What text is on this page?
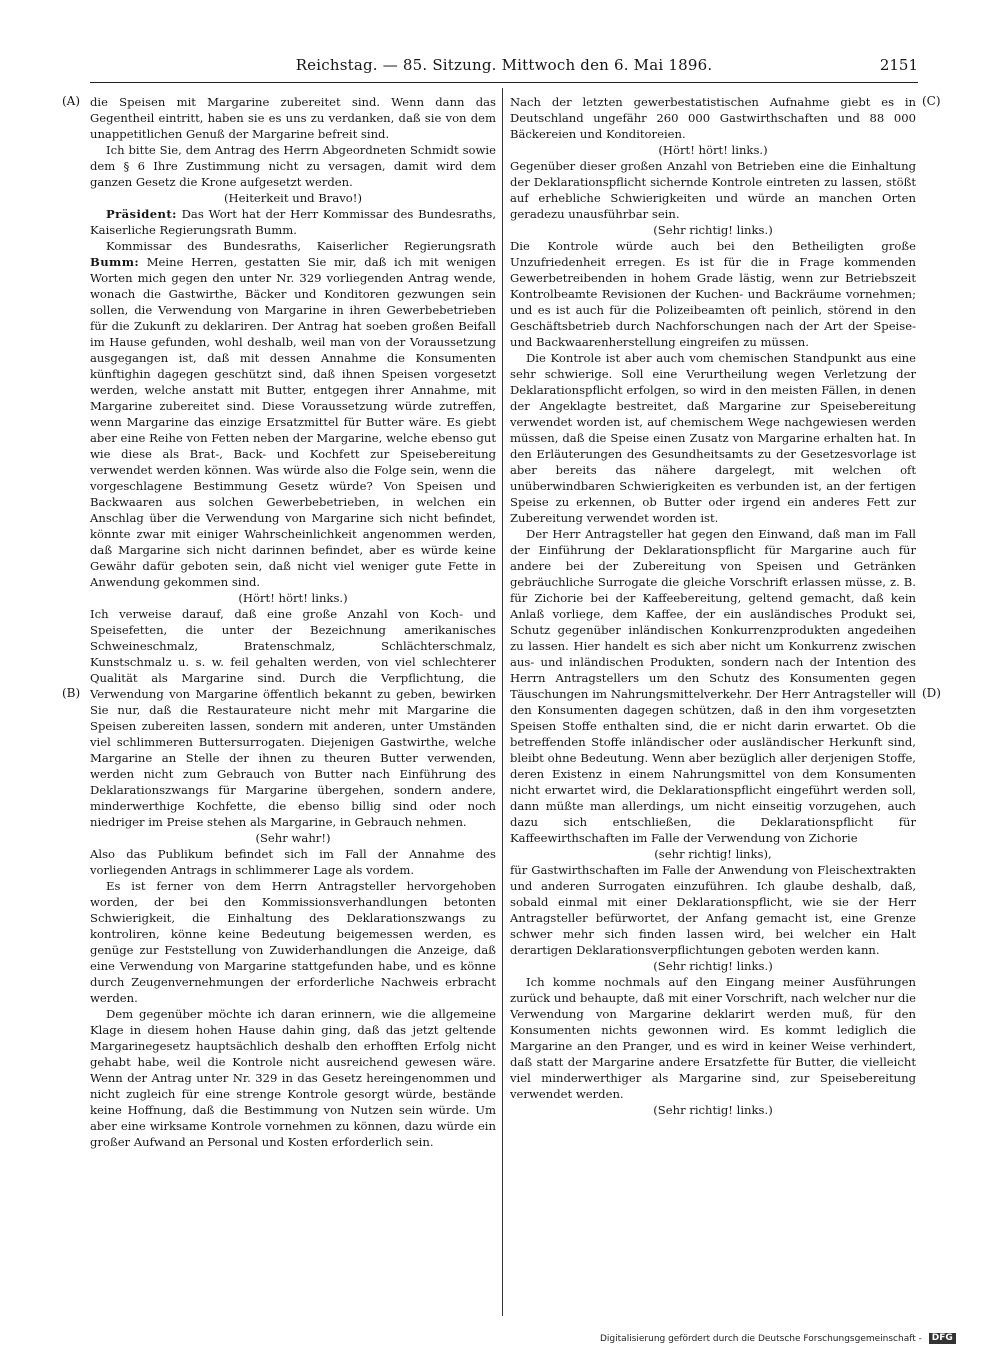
Reichstag. — 85. Sitzung. Mittwoch den 6. Mai 1896.	2151
(A)
(B)
(C)
(D)

die Speisen mit Margarine zubereitet sind. Wenn dann das Gegentheil eintritt, haben sie es uns zu verdanken, daß sie von dem unappetitlichen Genuß der Margarine befreit sind.

Ich bitte Sie, dem Antrag des Herrn Abgeordneten Schmidt sowie dem § 6 Ihre Zustimmung nicht zu versagen, damit wird dem ganzen Gesetz die Krone aufgesetzt werden.

(Heiterkeit und Bravo!)

Präsident: Das Wort hat der Herr Kommissar des Bundesraths, Kaiserliche Regierungsrath Bumm.

Kommissar des Bundesraths, Kaiserlicher Regierungsrath Bumm: Meine Herren, gestatten Sie mir, daß ich mit wenigen Worten mich gegen den unter Nr. 329 vorliegenden Antrag wende, wonach die Gastwirthe, Bäcker und Konditoren gezwungen sein sollen, die Verwendung von Margarine in ihren Gewerbebetrieben für die Zukunft zu deklariren. Der Antrag hat soeben großen Beifall im Hause gefunden, wohl deshalb, weil man von der Voraussetzung ausgegangen ist, daß mit dessen Annahme die Konsumenten künftighin dagegen geschützt sind, daß ihnen Speisen vorgesetzt werden, welche anstatt mit Butter, entgegen ihrer Annahme, mit Margarine zubereitet sind. Diese Voraussetzung würde zutreffen, wenn Margarine das einzige Ersatzmittel für Butter wäre. Es giebt aber eine Reihe von Fetten neben der Margarine, welche ebenso gut wie diese als Brat-, Back- und Kochfett zur Speisebereitung verwendet werden können. Was würde also die Folge sein, wenn die vorgeschlagene Bestimmung Gesetz würde? Von Speisen und Backwaaren aus solchen Gewerbebetrieben, in welchen ein Anschlag über die Verwendung von Margarine sich nicht befindet, könnte zwar mit einiger Wahrscheinlichkeit angenommen werden, daß Margarine sich nicht darinnen befindet, aber es würde keine Gewähr dafür geboten sein, daß nicht viel weniger gute Fette in Anwendung gekommen sind.

(Hört! hört! links.)

Ich verweise darauf, daß eine große Anzahl von Koch- und Speisefetten, die unter der Bezeichnung amerikanisches Schweineschmalz, Bratenschmalz, Schlächterschmalz, Kunstschmalz u. s. w. feil gehalten werden, von viel schlechterer Qualität als Margarine sind. Durch die Verpflichtung, die Verwendung von Margarine öffentlich bekannt zu geben, bewirken Sie nur, daß die Restaurateure nicht mehr mit Margarine die Speisen zubereiten lassen, sondern mit anderen, unter Umständen viel schlimmeren Buttersurrogaten. Diejenigen Gastwirthe, welche Margarine an Stelle der ihnen zu theuren Butter verwenden, werden nicht zum Gebrauch von Butter nach Einführung des Deklarationszwangs für Margarine übergehen, sondern andere, minderwerthige Kochfette, die ebenso billig sind oder noch niedriger im Preise stehen als Margarine, in Gebrauch nehmen.

(Sehr wahr!)

Also das Publikum befindet sich im Fall der Annahme des vorliegenden Antrags in schlimmerer Lage als vordem.

Es ist ferner von dem Herrn Antragsteller hervorgehoben worden, der bei den Kommissionsverhandlungen betonten Schwierigkeit, die Einhaltung des Deklarationszwangs zu kontroliren, könne keine Bedeutung beigemessen werden, es genüge zur Feststellung von Zuwiderhandlungen die Anzeige, daß eine Verwendung von Margarine stattgefunden habe, und es könne durch Zeugenvernehmungen der erforderliche Nachweis erbracht werden.

Dem gegenüber möchte ich daran erinnern, wie die allgemeine Klage in diesem hohen Hause dahin ging, daß das jetzt geltende Margarinegesetz hauptsächlich deshalb den erhofften Erfolg nicht gehabt habe, weil die Kontrole nicht ausreichend gewesen wäre. Wenn der Antrag unter Nr. 329 in das Gesetz hereingenommen und nicht zugleich für eine strenge Kontrole gesorgt würde, bestände keine Hoffnung, daß die Bestimmung von Nutzen sein würde. Um aber eine wirksame Kontrole vornehmen zu können, dazu würde ein großer Aufwand an Personal und Kosten erforderlich sein.

Nach der letzten gewerbestatistischen Aufnahme giebt es in Deutschland ungefähr 260 000 Gastwirthschaften und 88 000 Bäckereien und Konditoreien.

(Hört! hört! links.)

Gegenüber dieser großen Anzahl von Betrieben eine die Einhaltung der Deklarationspflicht sichernde Kontrole eintreten zu lassen, stößt auf erhebliche Schwierigkeiten und würde an manchen Orten geradezu unausführbar sein.

(Sehr richtig! links.)

Die Kontrole würde auch bei den Betheiligten große Unzufriedenheit erregen. Es ist für die in Frage kommenden Gewerbetreibenden in hohem Grade lästig, wenn zur Betriebszeit Kontrolbeamte Revisionen der Kuchen- und Backräume vornehmen; und es ist auch für die Polizeibeamten oft peinlich, störend in den Geschäftsbetrieb durch Nachforschungen nach der Art der Speise- und Backwaarenherstellung eingreifen zu müssen.

Die Kontrole ist aber auch vom chemischen Standpunkt aus eine sehr schwierige. Soll eine Verurtheilung wegen Verletzung der Deklarationspflicht erfolgen, so wird in den meisten Fällen, in denen der Angeklagte bestreitet, daß Margarine zur Speisebereitung verwendet worden ist, auf chemischem Wege nachgewiesen werden müssen, daß die Speise einen Zusatz von Margarine erhalten hat. In den Erläuterungen des Gesundheitsamts zu der Gesetzesvorlage ist aber bereits das nähere dargelegt, mit welchen oft unüberwindbaren Schwierigkeiten es verbunden ist, an der fertigen Speise zu erkennen, ob Butter oder irgend ein anderes Fett zur Zubereitung verwendet worden ist.

Der Herr Antragsteller hat gegen den Einwand, daß man im Fall der Einführung der Deklarationspflicht für Margarine auch für andere bei der Zubereitung von Speisen und Getränken gebräuchliche Surrogate die gleiche Vorschrift erlassen müsse, z. B. für Zichorie bei der Kaffeebereitung, geltend gemacht, daß kein Anlaß vorliege, dem Kaffee, der ein ausländisches Produkt sei, Schutz gegenüber inländischen Konkurrenzprodukten angedeihen zu lassen. Hier handelt es sich aber nicht um Konkurrenz zwischen aus- und inländischen Produkten, sondern nach der Intention des Herrn Antragstellers um den Schutz des Konsumenten gegen Täuschungen im Nahrungsmittelverkehr. Der Herr Antragsteller will den Konsumenten dagegen schützen, daß in den ihm vorgesetzten Speisen Stoffe enthalten sind, die er nicht darin erwartet. Ob die betreffenden Stoffe inländischer oder ausländischer Herkunft sind, bleibt ohne Bedeutung. Wenn aber bezüglich aller derjenigen Stoffe, deren Existenz in einem Nahrungsmittel von dem Konsumenten nicht erwartet wird, die Deklarationspflicht eingeführt werden soll, dann müßte man allerdings, um nicht einseitig vorzugehen, auch dazu sich entschließen, die Deklarationspflicht für Kaffeewirthschaften im Falle der Verwendung von Zichorie

(sehr richtig! links),

für Gastwirthschaften im Falle der Anwendung von Fleischextrakten und anderen Surrogaten einzuführen. Ich glaube deshalb, daß, sobald einmal mit einer Deklarationspflicht, wie sie der Herr Antragsteller befürwortet, der Anfang gemacht ist, eine Grenze schwer mehr sich finden lassen wird, bei welcher ein Halt derartigen Deklarationsverpflichtungen geboten werden kann.

(Sehr richtig! links.)

Ich komme nochmals auf den Eingang meiner Ausführungen zurück und behaupte, daß mit einer Vorschrift, nach welcher nur die Verwendung von Margarine deklarirt werden muß, für den Konsumenten nichts gewonnen wird. Es kommt lediglich die Margarine an den Pranger, und es wird in keiner Weise verhindert, daß statt der Margarine andere Ersatzfette für Butter, die vielleicht viel minderwerthiger als Margarine sind, zur Speisebereitung verwendet werden.

(Sehr richtig! links.)

Digitalisierung gefördert durch die Deutsche Forschungsgemeinschaft - DFG
